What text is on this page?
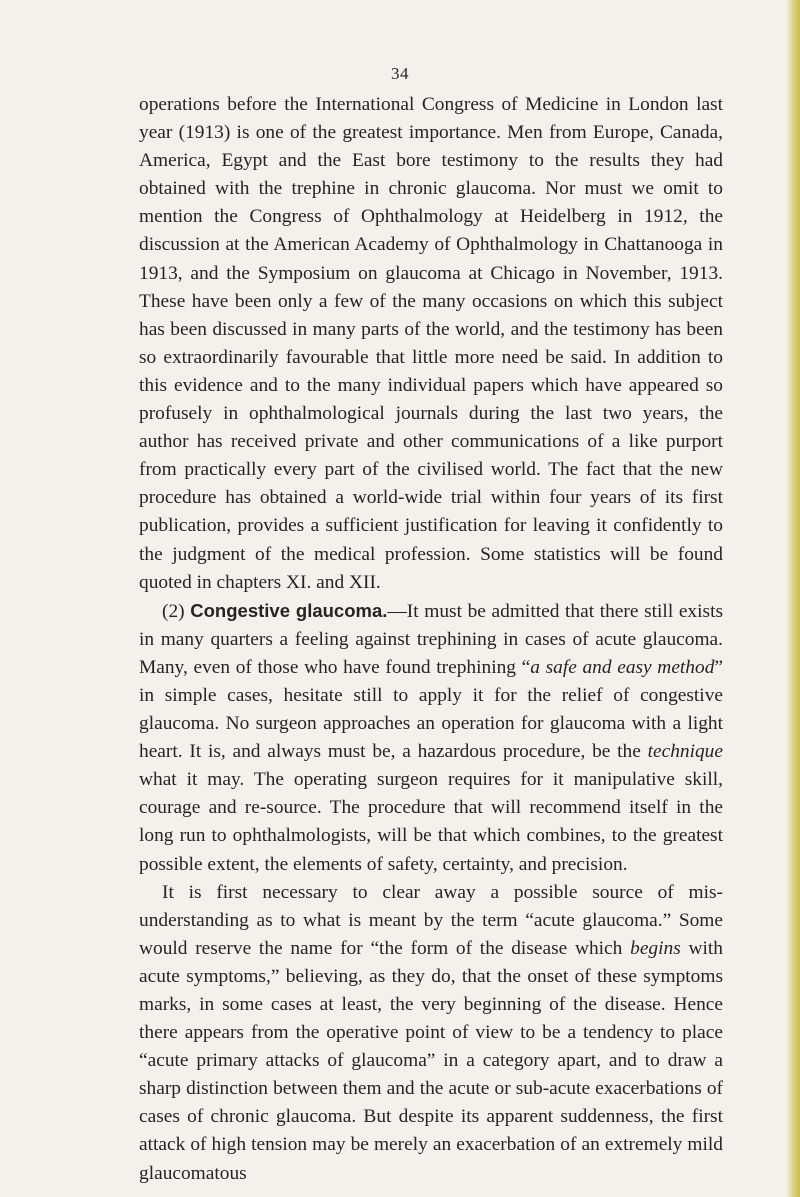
34

operations before the International Congress of Medicine in London last year (1913) is one of the greatest importance. Men from Europe, Canada, America, Egypt and the East bore testimony to the results they had obtained with the trephine in chronic glaucoma. Nor must we omit to mention the Congress of Ophthalmology at Heidelberg in 1912, the discussion at the American Academy of Ophthalmology in Chattanooga in 1913, and the Symposium on glaucoma at Chicago in November, 1913. These have been only a few of the many occasions on which this subject has been discussed in many parts of the world, and the testimony has been so extraordinarily favourable that little more need be said. In addition to this evidence and to the many individual papers which have appeared so profusely in ophthalmological journals during the last two years, the author has received private and other communications of a like purport from practically every part of the civilised world. The fact that the new procedure has obtained a world-wide trial within four years of its first publication, provides a sufficient justification for leaving it confidently to the judgment of the medical profession. Some statistics will be found quoted in chapters XI. and XII.

(2) Congestive glaucoma.—It must be admitted that there still exists in many quarters a feeling against trephining in cases of acute glaucoma. Many, even of those who have found trephining “a safe and easy method” in simple cases, hesitate still to apply it for the relief of congestive glaucoma. No surgeon approaches an operation for glaucoma with a light heart. It is, and always must be, a hazardous procedure, be the technique what it may. The operating surgeon requires for it manipulative skill, courage and re-source. The procedure that will recommend itself in the long run to ophthalmologists, will be that which combines, to the greatest possible extent, the elements of safety, certainty, and precision.

It is first necessary to clear away a possible source of mis-understanding as to what is meant by the term “acute glaucoma.” Some would reserve the name for “the form of the disease which begins with acute symptoms,” believing, as they do, that the onset of these symptoms marks, in some cases at least, the very beginning of the disease. Hence there appears from the operative point of view to be a tendency to place “acute primary attacks of glaucoma” in a category apart, and to draw a sharp distinction between them and the acute or sub-acute exacerbations of cases of chronic glaucoma. But despite its apparent suddenness, the first attack of high tension may be merely an exacerbation of an extremely mild glaucomatous
